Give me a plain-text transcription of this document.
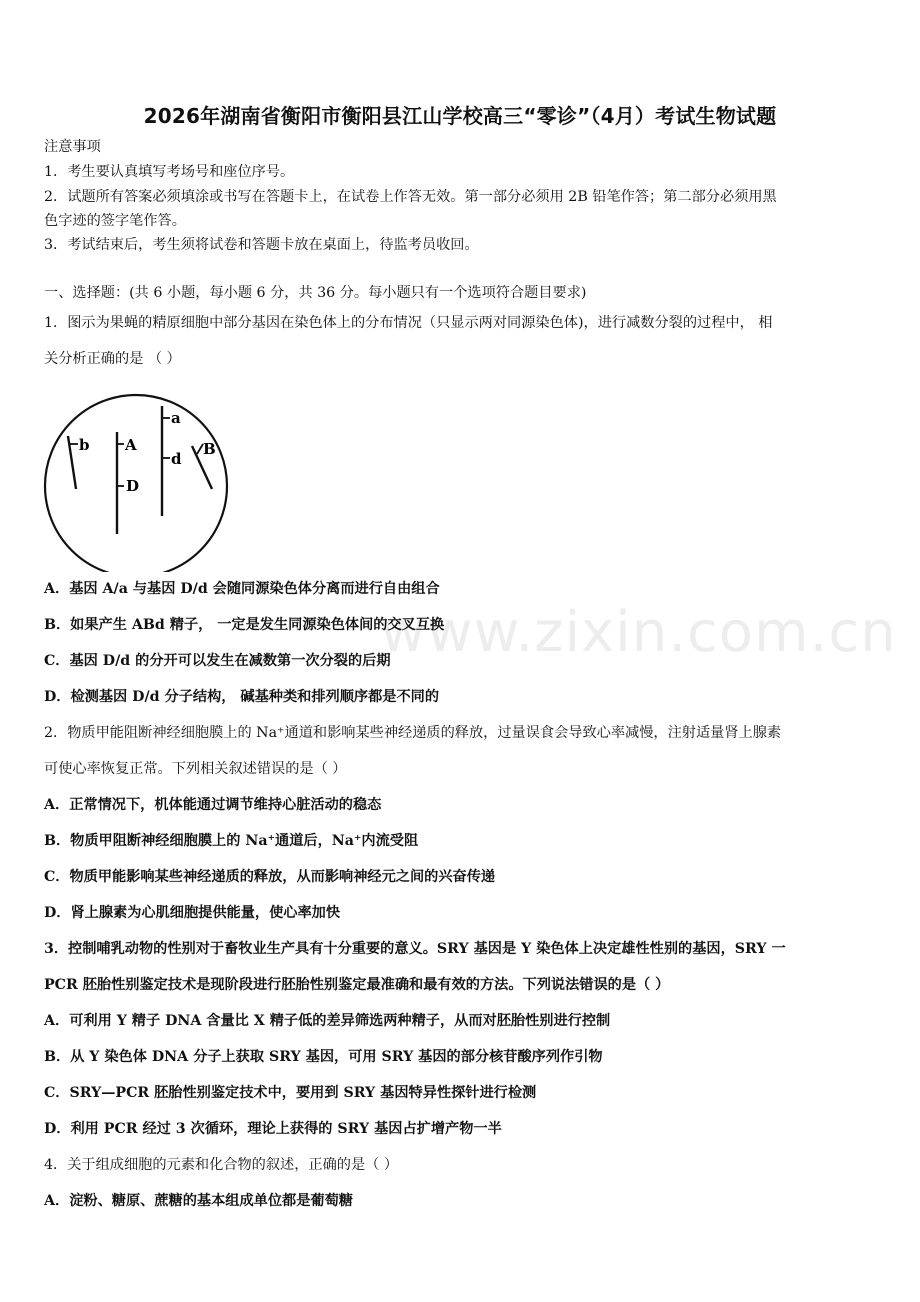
2026年湖南省衡阳市衡阳县江山学校高三“零诊”（4月）考试生物试题
注意事项
1．考生要认真填写考场号和座位序号。
2．试题所有答案必须填涂或书写在答题卡上，在试卷上作答无效。第一部分必须用 2B 铅笔作答；第二部分必须用黑
色字迹的签字笔作答。
3．考试结束后，考生须将试卷和答题卡放在桌面上，待监考员收回。
一、选择题：(共 6 小题，每小题 6 分，共 36 分。每小题只有一个选项符合题目要求)
1．图示为果蝇的精原细胞中部分基因在染色体上的分布情况（只显示两对同源染色体)，进行减数分裂的过程中， 相
关分析正确的是 （ ）
b A
D
a
d
B
A．基因 A/a 与基因 D/d 会随同源染色体分离而进行自由组合
B．如果产生 ABd 精子， 一定是发生同源染色体间的交叉互换
C．基因 D/d 的分开可以发生在减数第一次分裂的后期
D．检测基因 D/d 分子结构， 碱基种类和排列顺序都是不同的
2．物质甲能阻断神经细胞膜上的 Na⁺通道和影响某些神经递质的释放，过量误食会导致心率减慢，注射适量肾上腺素
可使心率恢复正常。下列相关叙述错误的是（ ）
A．正常情况下，机体能通过调节维持心脏活动的稳态
B．物质甲阻断神经细胞膜上的 Na⁺通道后，Na⁺内流受阻
C．物质甲能影响某些神经递质的释放，从而影响神经元之间的兴奋传递
D．肾上腺素为心肌细胞提供能量，使心率加快
3．控制哺乳动物的性别对于畜牧业生产具有十分重要的意义。SRY 基因是 Y 染色体上决定雄性性别的基因，SRY 一
PCR 胚胎性别鉴定技术是现阶段进行胚胎性别鉴定最准确和最有效的方法。下列说法错误的是（ ）
A．可利用 Y 精子 DNA 含量比 X 精子低的差异筛选两种精子，从而对胚胎性别进行控制
B．从 Y 染色体 DNA 分子上获取 SRY 基因，可用 SRY 基因的部分核苷酸序列作引物
C．SRY—PCR 胚胎性别鉴定技术中，要用到 SRY 基因特异性探针进行检测
D．利用 PCR 经过 3 次循环，理论上获得的 SRY 基因占扩增产物一半
4．关于组成细胞的元素和化合物的叙述，正确的是（ ）
A．淀粉、糖原、蔗糖的基本组成单位都是葡萄糖
www.zixin.com.cn
